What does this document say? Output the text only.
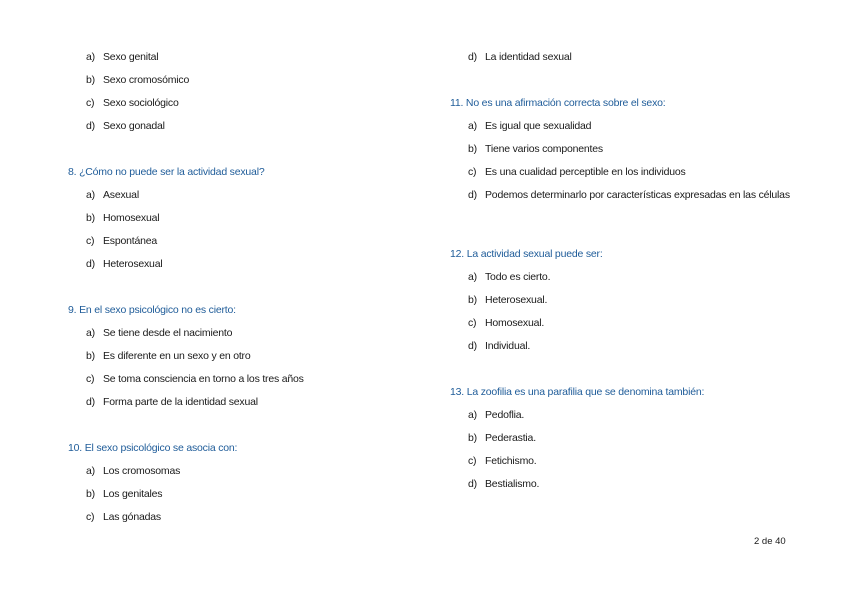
a) Sexo genital
b) Sexo cromosómico
c) Sexo sociológico
d) Sexo gonadal
8. ¿Cómo no puede ser la actividad sexual?
a) Asexual
b) Homosexual
c) Espontánea
d) Heterosexual
9. En el sexo psicológico no es cierto:
a) Se tiene desde el nacimiento
b) Es diferente en un sexo y en otro
c) Se toma consciencia en torno a los tres años
d) Forma parte de la identidad sexual
10. El sexo psicológico se asocia con:
a) Los cromosomas
b) Los genitales
c) Las gónadas
d) La identidad sexual
11. No es una afirmación correcta sobre el sexo:
a) Es igual que sexualidad
b) Tiene varios componentes
c) Es una cualidad perceptible en los individuos
d) Podemos determinarlo por características expresadas en las células
12. La actividad sexual puede ser:
a) Todo es cierto.
b) Heterosexual.
c) Homosexual.
d) Individual.
13. La zoofilia es una parafilia que se denomina también:
a) Pedoflia.
b) Pederastia.
c) Fetichismo.
d) Bestialismo.
2 de 40
